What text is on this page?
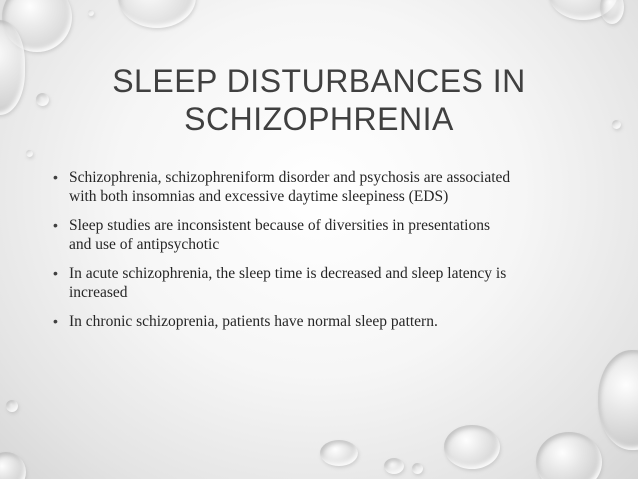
SLEEP DISTURBANCES IN
SCHIZOPHRENIA
• Schizophrenia, schizophreniform disorder and psychosis are associated
with both insomnias and excessive daytime sleepiness (EDS)
• Sleep studies are inconsistent because of diversities in presentations
and use of antipsychotic
• In acute schizophrenia, the sleep time is decreased and sleep latency is
increased
• In chronic schizoprenia, patients have normal sleep pattern.
